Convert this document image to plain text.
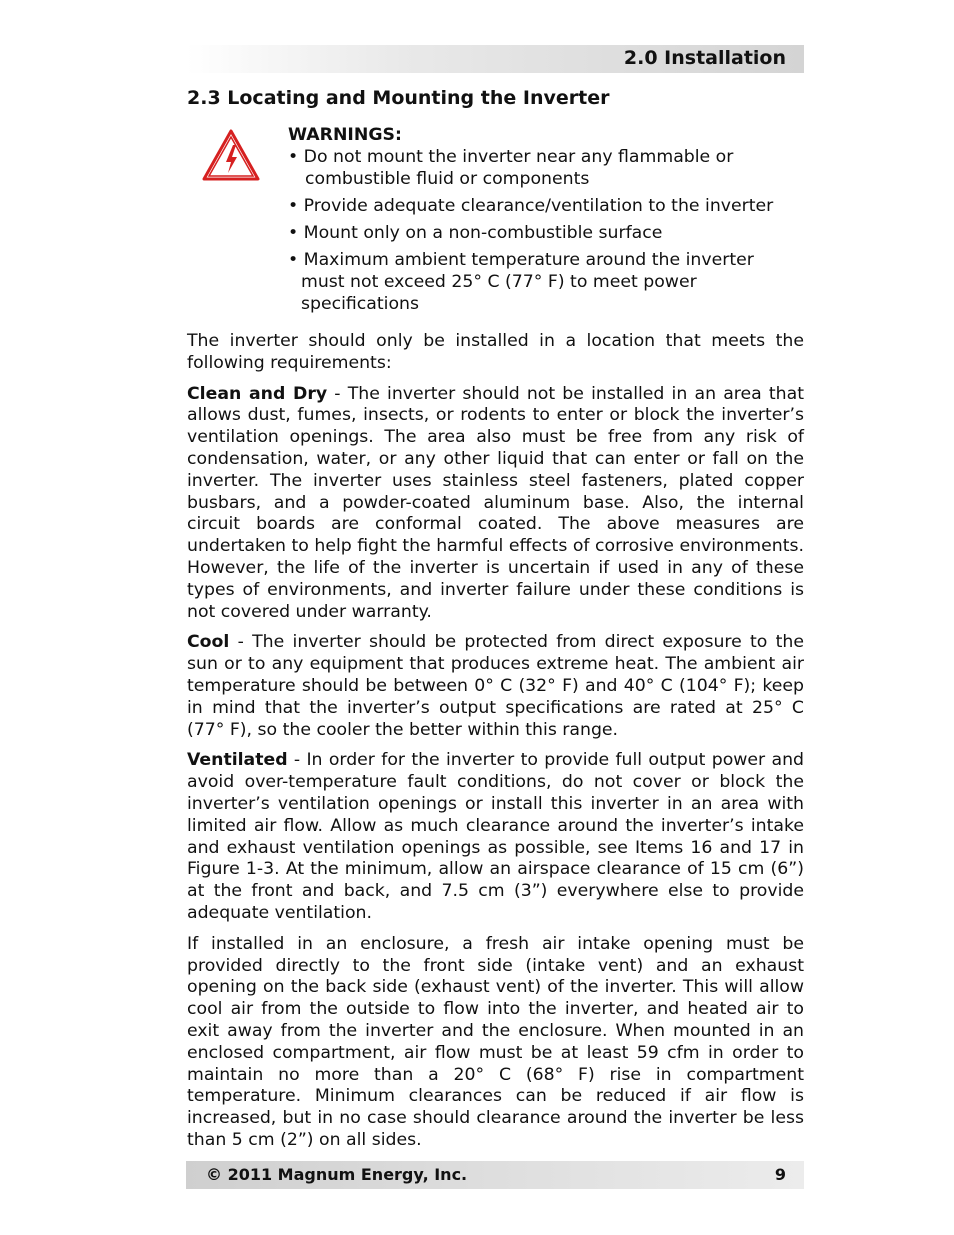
2.0 Installation
2.3 Locating and Mounting the Inverter
WARNINGS:
• Do not mount the inverter near any flammable or
combustible fluid or components
• Provide adequate clearance/ventilation to the inverter
• Mount only on a non-combustible surface
• Maximum ambient temperature around the inverter
must not exceed 25° C (77° F) to meet power
specifications

The inverter should only be installed in a location that meets the following requirements:

Clean and Dry - The inverter should not be installed in an area that allows dust, fumes, insects, or rodents to enter or block the inverter’s ventilation openings. The area also must be free from any risk of condensation, water, or any other liquid that can enter or fall on the inverter. The inverter uses stainless steel fasteners, plated copper busbars, and a powder-coated aluminum base. Also, the internal circuit boards are conformal coated. The above measures are undertaken to help fight the harmful effects of corrosive environments. However, the life of the inverter is uncertain if used in any of these types of environments, and inverter failure under these conditions is not covered under warranty.

Cool - The inverter should be protected from direct exposure to the sun or to any equipment that produces extreme heat. The ambient air temperature should be between 0° C (32° F) and 40° C (104° F); keep in mind that the inverter’s output specifications are rated at 25° C (77° F), so the cooler the better within this range.

Ventilated - In order for the inverter to provide full output power and avoid over-temperature fault conditions, do not cover or block the inverter’s ventilation openings or install this inverter in an area with limited air flow. Allow as much clearance around the inverter’s intake and exhaust ventilation openings as possible, see Items 16 and 17 in Figure 1-3. At the minimum, allow an airspace clearance of 15 cm (6”) at the front and back, and 7.5 cm (3”) everywhere else to provide adequate ventilation.

If installed in an enclosure, a fresh air intake opening must be provided directly to the front side (intake vent) and an exhaust opening on the back side (exhaust vent) of the inverter. This will allow cool air from the outside to flow into the inverter, and heated air to exit away from the inverter and the enclosure. When mounted in an enclosed compartment, air flow must be at least 59 cfm in order to maintain no more than a 20° C (68° F) rise in compartment temperature. Minimum clearances can be reduced if air flow is increased, but in no case should clearance around the inverter be less than 5 cm (2”) on all sides.

© 2011 Magnum Energy, Inc.	9
